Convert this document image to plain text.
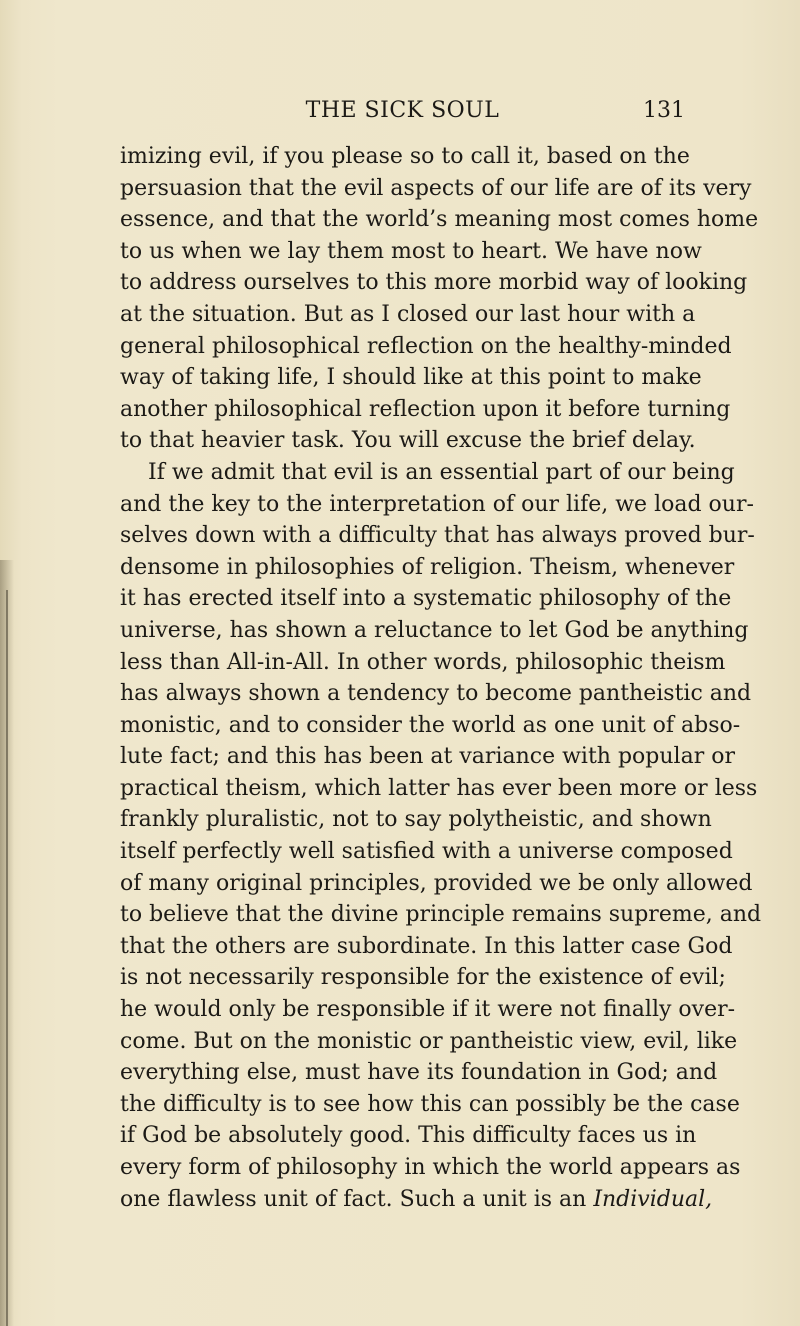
THE SICK SOUL	131
imizing evil, if you please so to call it, based on the
persuasion that the evil aspects of our life are of its very
essence, and that the world’s meaning most comes home
to us when we lay them most to heart. We have now
to address ourselves to this more morbid way of looking
at the situation. But as I closed our last hour with a
general philosophical reflection on the healthy-minded
way of taking life, I should like at this point to make
another philosophical reflection upon it before turning
to that heavier task. You will excuse the brief delay.
If we admit that evil is an essential part of our being
and the key to the interpretation of our life, we load our-
selves down with a difficulty that has always proved bur-
densome in philosophies of religion. Theism, whenever
it has erected itself into a systematic philosophy of the
universe, has shown a reluctance to let God be anything
less than All-in-All. In other words, philosophic theism
has always shown a tendency to become pantheistic and
monistic, and to consider the world as one unit of abso-
lute fact; and this has been at variance with popular or
practical theism, which latter has ever been more or less
frankly pluralistic, not to say polytheistic, and shown
itself perfectly well satisfied with a universe composed
of many original principles, provided we be only allowed
to believe that the divine principle remains supreme, and
that the others are subordinate. In this latter case God
is not necessarily responsible for the existence of evil;
he would only be responsible if it were not finally over-
come. But on the monistic or pantheistic view, evil, like
everything else, must have its foundation in God; and
the difficulty is to see how this can possibly be the case
if God be absolutely good. This difficulty faces us in
every form of philosophy in which the world appears as
one flawless unit of fact. Such a unit is an Individual,
